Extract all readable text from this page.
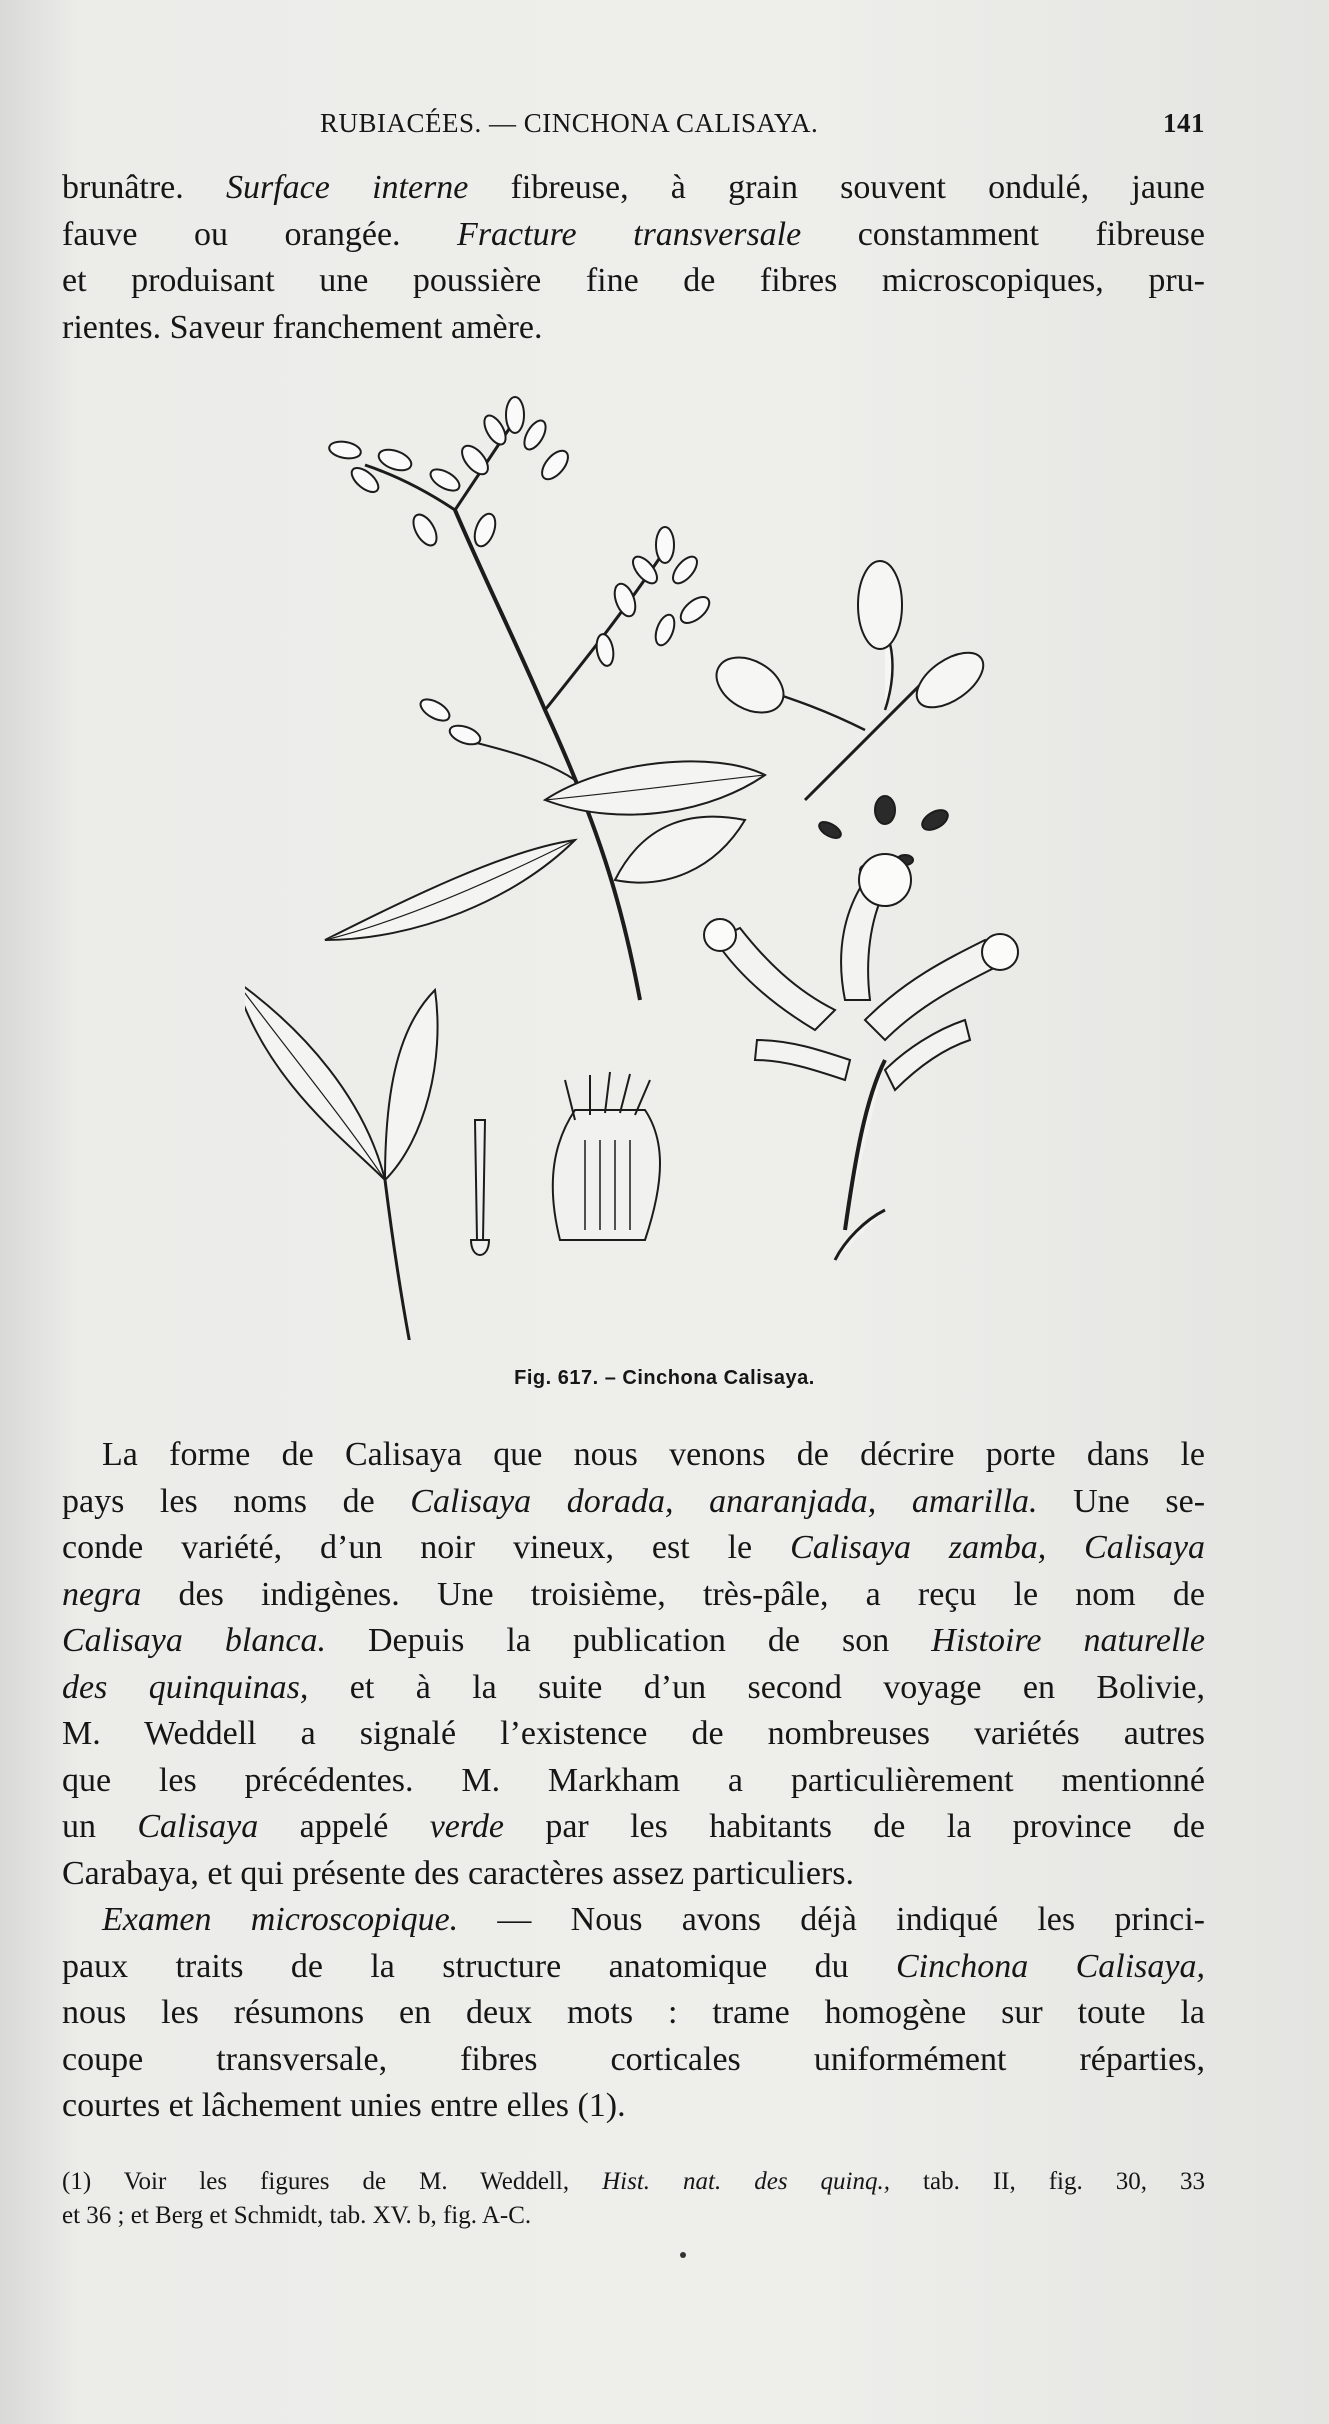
RUBIACÉES. — CINCHONA CALISAYA.	141
brunâtre. Surface interne fibreuse, à grain souvent ondulé, jaune
fauve ou orangée. Fracture transversale constamment fibreuse
et produisant une poussière fine de fibres microscopiques, pru-
rientes. Saveur franchement amère.
Fig. 617. – Cinchona Calisaya.
La forme de Calisaya que nous venons de décrire porte dans le
pays les noms de Calisaya dorada, anaranjada, amarilla. Une se-
conde variété, d’un noir vineux, est le Calisaya zamba, Calisaya
negra des indigènes. Une troisième, très-pâle, a reçu le nom de
Calisaya blanca. Depuis la publication de son Histoire naturelle
des quinquinas, et à la suite d’un second voyage en Bolivie,
M. Weddell a signalé l’existence de nombreuses variétés autres
que les précédentes. M. Markham a particulièrement mentionné
un Calisaya appelé verde par les habitants de la province de
Carabaya, et qui présente des caractères assez particuliers.
Examen microscopique. — Nous avons déjà indiqué les princi-
paux traits de la structure anatomique du Cinchona Calisaya,
nous les résumons en deux mots : trame homogène sur toute la
coupe transversale, fibres corticales uniformément réparties,
courtes et lâchement unies entre elles (1).
(1) Voir les figures de M. Weddell, Hist. nat. des quinq., tab. II, fig. 30, 33
et 36 ; et Berg et Schmidt, tab. XV. b, fig. A-C.
